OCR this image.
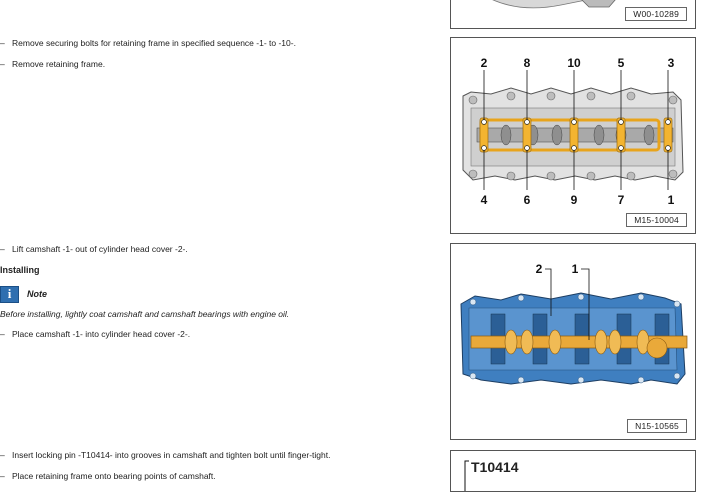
W00-10289
– Remove securing bolts for retaining frame in specified sequence -1- to -10-.
– Remove retaining frame.
– Lift camshaft -1- out of cylinder head cover -2-.
Installing
i	Note
Before installing, lightly coat camshaft and camshaft bearings with engine oil.
– Place camshaft -1- into cylinder head cover -2-.
– Insert locking pin -T10414- into grooves in camshaft and tighten bolt until finger-tight.
– Place retaining frame onto bearing points of camshaft.
2	8	10	5	3
4	6	9	7	1
M15-10004
2 1
N15-10565
T10414
